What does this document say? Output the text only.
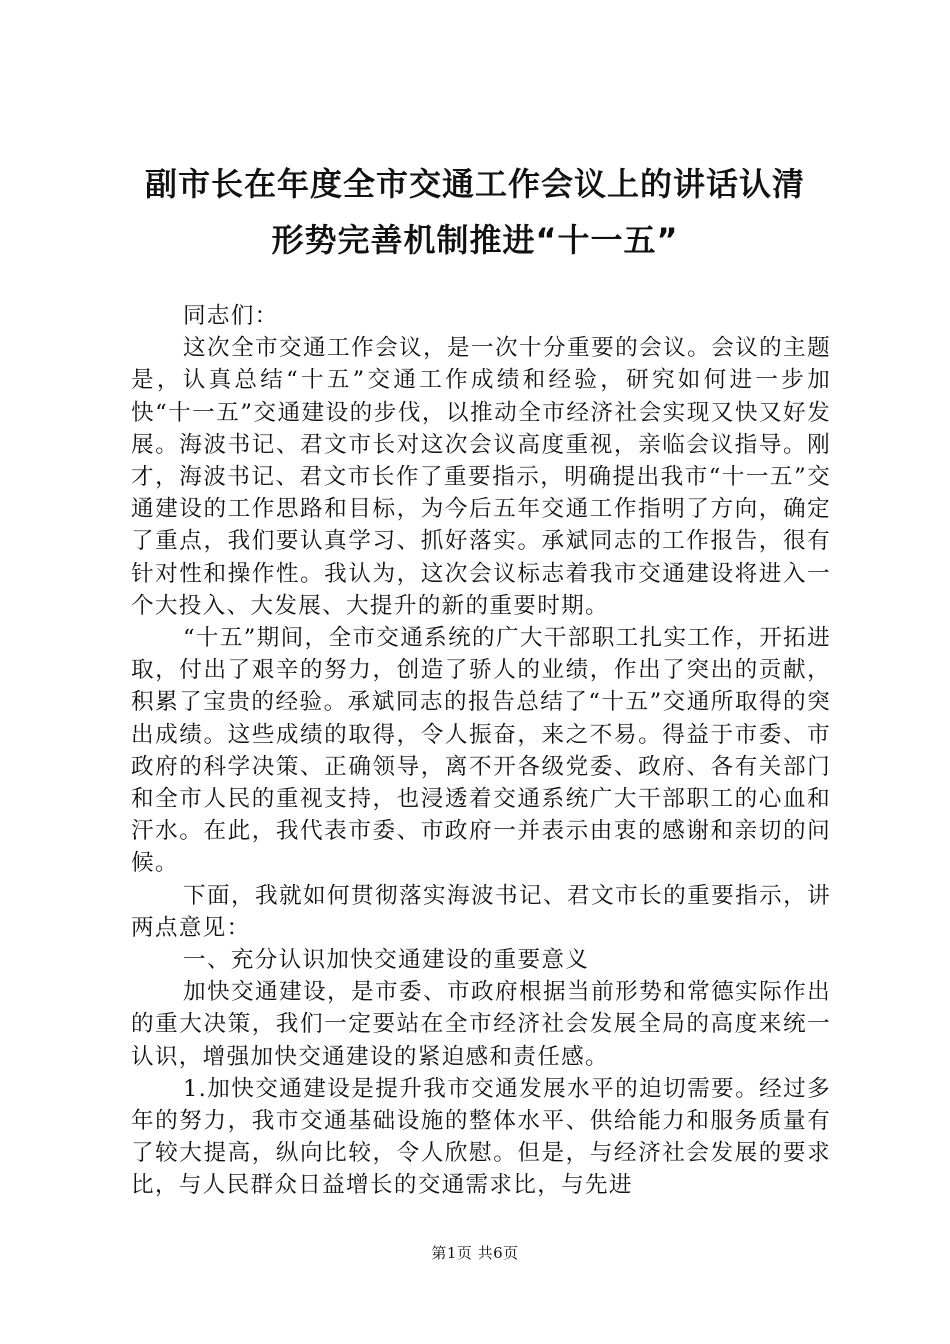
副市长在年度全市交通工作会议上的讲话认清
形势完善机制推进“十一五”

同志们：

这次全市交通工作会议，是一次十分重要的会议。会议的主题是，认真总结“十五”交通工作成绩和经验，研究如何进一步加快“十一五”交通建设的步伐，以推动全市经济社会实现又快又好发展。海波书记、君文市长对这次会议高度重视，亲临会议指导。刚才，海波书记、君文市长作了重要指示，明确提出我市“十一五”交通建设的工作思路和目标，为今后五年交通工作指明了方向，确定了重点，我们要认真学习、抓好落实。承斌同志的工作报告，很有针对性和操作性。我认为，这次会议标志着我市交通建设将进入一个大投入、大发展、大提升的新的重要时期。

“十五”期间，全市交通系统的广大干部职工扎实工作，开拓进取，付出了艰辛的努力，创造了骄人的业绩，作出了突出的贡献，积累了宝贵的经验。承斌同志的报告总结了“十五”交通所取得的突出成绩。这些成绩的取得，令人振奋，来之不易。得益于市委、市政府的科学决策、正确领导，离不开各级党委、政府、各有关部门和全市人民的重视支持，也浸透着交通系统广大干部职工的心血和汗水。在此，我代表市委、市政府一并表示由衷的感谢和亲切的问候。

下面，我就如何贯彻落实海波书记、君文市长的重要指示，讲两点意见：

一、充分认识加快交通建设的重要意义

加快交通建设，是市委、市政府根据当前形势和常德实际作出的重大决策，我们一定要站在全市经济社会发展全局的高度来统一认识，增强加快交通建设的紧迫感和责任感。

1.加快交通建设是提升我市交通发展水平的迫切需要。经过多年的努力，我市交通基础设施的整体水平、供给能力和服务质量有了较大提高，纵向比较，令人欣慰。但是，与经济社会发展的要求比，与人民群众日益增长的交通需求比，与先进

第1页 共6页
